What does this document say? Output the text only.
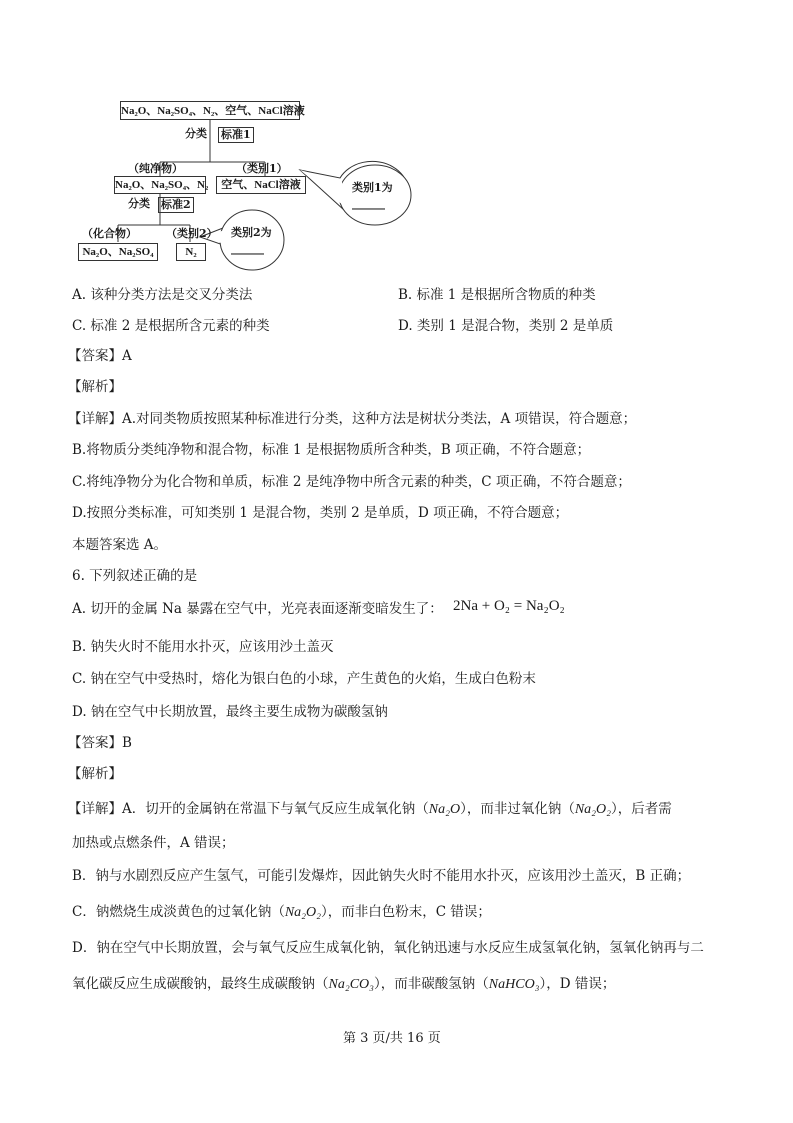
Na₂O、Na₂SO₄、N₂、空气、NaCl溶液
分类 标准1
（纯净物）	（类别1）
Na₂O、Na₂SO₄、N₂	空气、NaCl溶液	类别1为
______
分类 标准2
（化合物）	（类别2）
Na₂O、Na₂SO₄	N₂
类别2为
______
A. 该种分类方法是交叉分类法	B. 标准 1 是根据所含物质的种类
C. 标准 2 是根据所含元素的种类	D. 类别 1 是混合物，类别 2 是单质
【答案】A
【解析】
【详解】A.对同类物质按照某种标准进行分类，这种方法是树状分类法，A 项错误，符合题意；
B.将物质分类纯净物和混合物，标准 1 是根据物质所含种类，B 项正确，不符合题意；
C.将纯净物分为化合物和单质，标准 2 是纯净物中所含元素的种类，C 项正确，不符合题意；
D.按照分类标准，可知类别 1 是混合物，类别 2 是单质，D 项正确，不符合题意；
本题答案选 A。
6. 下列叙述正确的是
A. 切开的金属 Na 暴露在空气中，光亮表面逐渐变暗发生了： 2Na + O₂ = Na₂O₂
B. 钠失火时不能用水扑灭，应该用沙土盖灭
C. 钠在空气中受热时，熔化为银白色的小球，产生黄色的火焰，生成白色粉末
D. 钠在空气中长期放置，最终主要生成物为碳酸氢钠
【答案】B
【解析】
【详解】A．切开的金属钠在常温下与氧气反应生成氧化钠（Na₂O），而非过氧化钠（Na₂O₂），后者需
加热或点燃条件，A 错误；
B．钠与水剧烈反应产生氢气，可能引发爆炸，因此钠失火时不能用水扑灭，应该用沙土盖灭，B 正确；
C．钠燃烧生成淡黄色的过氧化钠（Na₂O₂），而非白色粉末，C 错误；
D．钠在空气中长期放置，会与氧气反应生成氧化钠，氧化钠迅速与水反应生成氢氧化钠，氢氧化钠再与二
氧化碳反应生成碳酸钠，最终生成碳酸钠（Na₂CO₃），而非碳酸氢钠（NaHCO₃），D 错误；
第 3 页/共 16 页
